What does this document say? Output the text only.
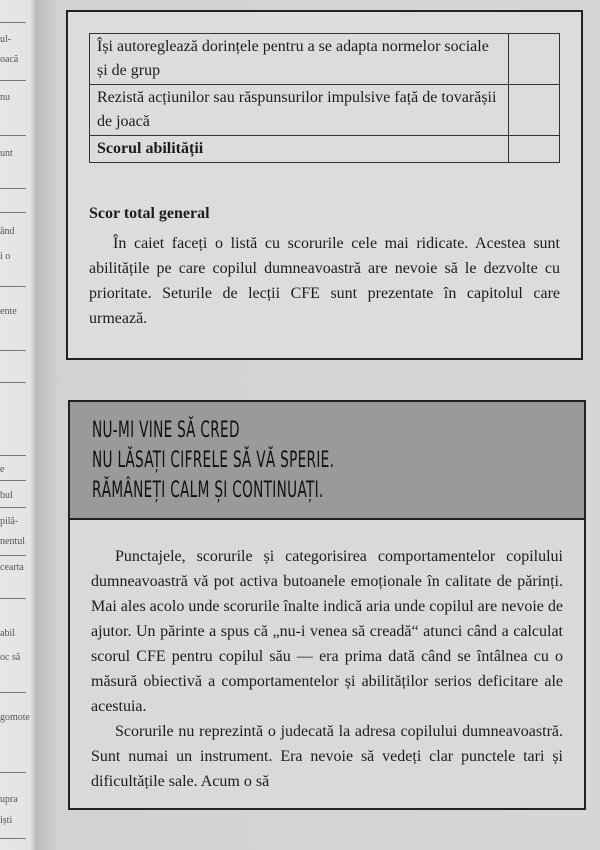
ul-
oacă
nu
unt
ând
i o
ente
e
bul
pilă-
nentul
cearta
abil
oc să
gomote
upra
iști
Își autoreglează dorințele pentru a se adapta normelor sociale și de grup	
Rezistă acțiunilor sau răspunsurilor impulsive față de tovarășii de joacă	
Scorul abilității	
Scor total general

În caiet faceți o listă cu scorurile cele mai ridicate. Acestea sunt abilitățile pe care copilul dumneavoastră are nevoie să le dezvolte cu prioritate. Seturile de lecții CFE sunt prezentate în capitolul care urmează.

NU-MI VINE SĂ CRED
NU LĂSAȚI CIFRELE SĂ VĂ SPERIE.
RĂMÂNEȚI CALM ȘI CONTINUAȚI.

Punctajele, scorurile și categorisirea comportamentelor copilului dumneavoastră vă pot activa butoanele emoționale în calitate de părinți. Mai ales acolo unde scorurile înalte indică aria unde copilul are nevoie de ajutor. Un părinte a spus că „nu-i venea să creadă“ atunci când a calculat scorul CFE pentru copilul său — era prima dată când se întâlnea cu o măsură obiectivă a comportamentelor și abilităților serios deficitare ale acestuia.

Scorurile nu reprezintă o judecată la adresa copilului dumneavoastră. Sunt numai un instrument. Era nevoie să vedeți clar punctele tari și dificultățile sale. Acum o să
